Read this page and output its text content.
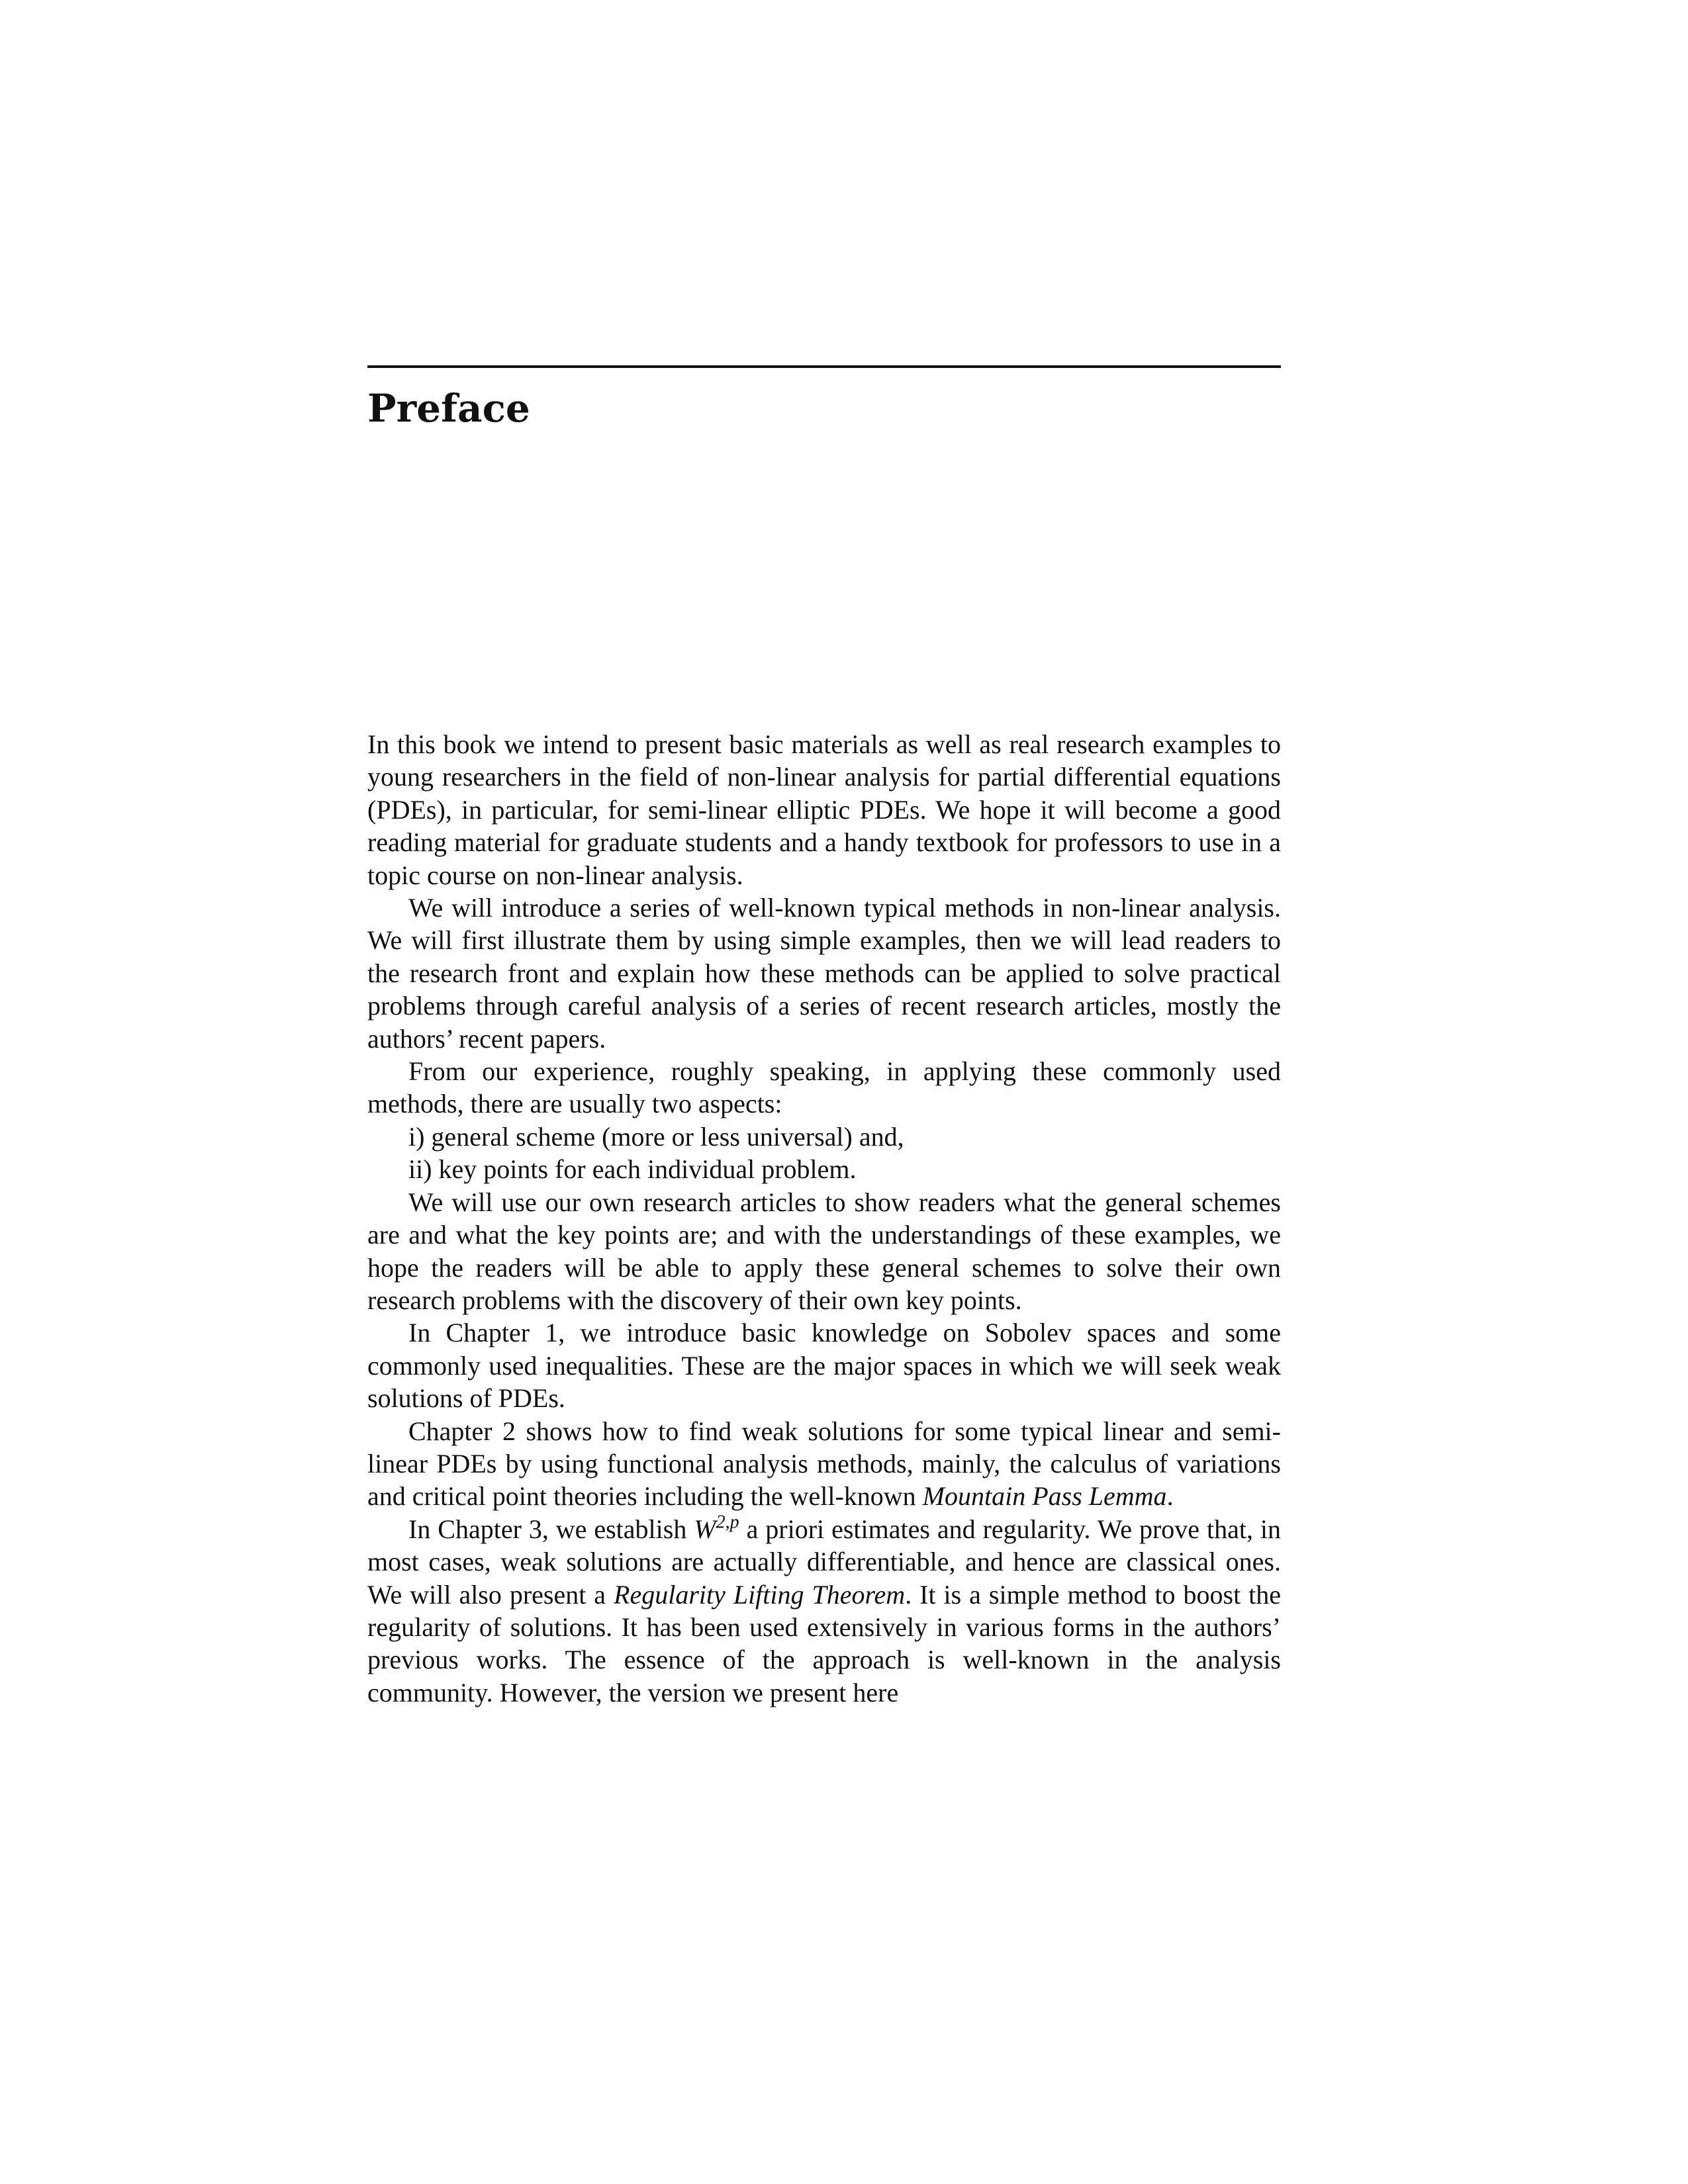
Preface

In this book we intend to present basic materials as well as real research examples to young researchers in the field of non-linear analysis for partial differential equations (PDEs), in particular, for semi-linear elliptic PDEs. We hope it will become a good reading material for graduate students and a handy textbook for professors to use in a topic course on non-linear analysis.

We will introduce a series of well-known typical methods in non-linear analysis. We will first illustrate them by using simple examples, then we will lead readers to the research front and explain how these methods can be applied to solve practical problems through careful analysis of a series of recent research articles, mostly the authors’ recent papers.

From our experience, roughly speaking, in applying these commonly used methods, there are usually two aspects:

i) general scheme (more or less universal) and,

ii) key points for each individual problem.

We will use our own research articles to show readers what the general schemes are and what the key points are; and with the understandings of these examples, we hope the readers will be able to apply these general schemes to solve their own research problems with the discovery of their own key points.

In Chapter 1, we introduce basic knowledge on Sobolev spaces and some commonly used inequalities. These are the major spaces in which we will seek weak solutions of PDEs.

Chapter 2 shows how to find weak solutions for some typical linear and semi-linear PDEs by using functional analysis methods, mainly, the calculus of variations and critical point theories including the well-known Mountain Pass Lemma.

In Chapter 3, we establish W$^{2,p}$ a priori estimates and regularity. We prove that, in most cases, weak solutions are actually differentiable, and hence are classical ones. We will also present a Regularity Lifting Theorem. It is a simple method to boost the regularity of solutions. It has been used extensively in various forms in the authors’ previous works. The essence of the approach is well-known in the analysis community. However, the version we present here
